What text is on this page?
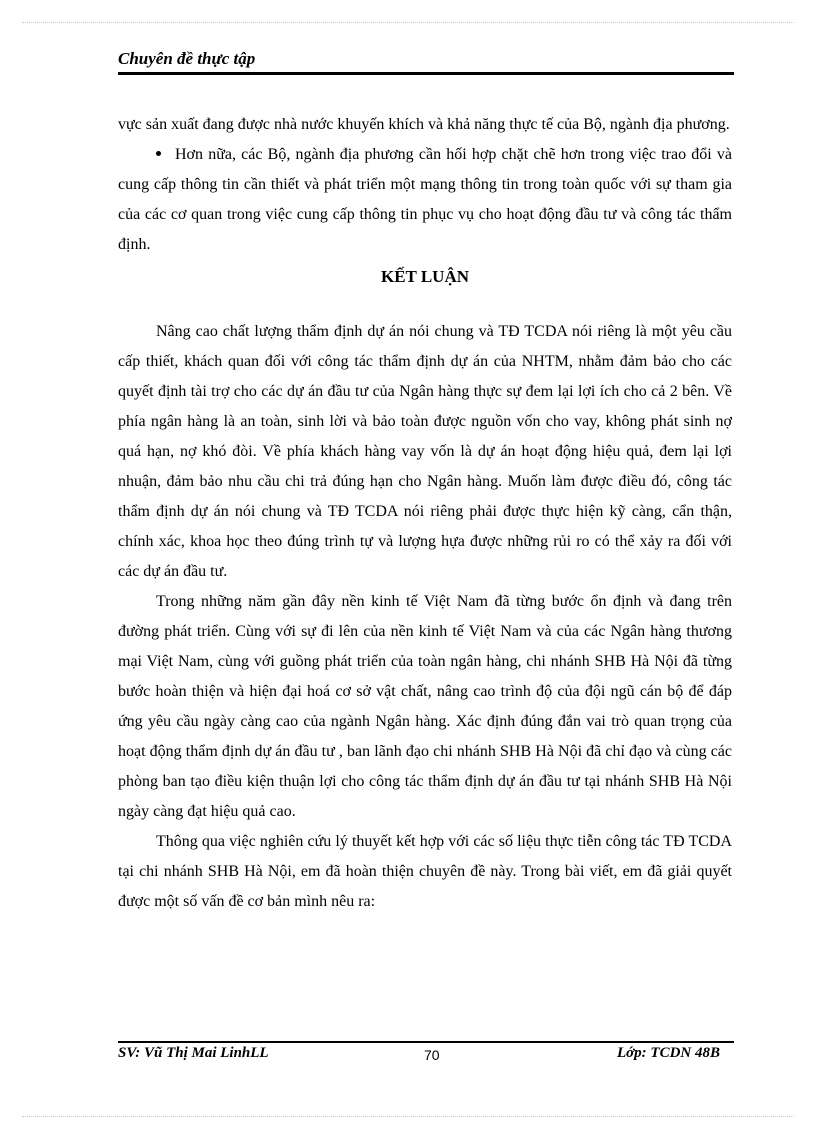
Chuyên đề thực tập

vực sản xuất đang được nhà nước khuyến khích và khả năng thực tế của Bộ, ngành địa phương.

Hơn nữa, các Bộ, ngành địa phương cần hối hợp chặt chẽ hơn trong việc trao đổi và cung cấp thông tin cần thiết và phát triển một mạng thông tin trong toàn quốc với sự tham gia của các cơ quan trong việc cung cấp thông tin phục vụ cho hoạt động đầu tư và công tác thẩm định.

KẾT LUẬN

Nâng cao chất lượng thẩm định dự án nói chung và TĐ TCDA nói riêng là một yêu cầu cấp thiết, khách quan đối với công tác thẩm định dự án của NHTM, nhằm đảm bảo cho các quyết định tài trợ cho các dự án đầu tư của Ngân hàng thực sự đem lại lợi ích cho cả 2 bên. Về phía ngân hàng là an toàn, sinh lời và bảo toàn được nguồn vốn cho vay, không phát sinh nợ quá hạn, nợ khó đòi. Về phía khách hàng vay vốn là dự án hoạt động hiệu quả, đem lại lợi nhuận, đảm bảo nhu cầu chi trả đúng hạn cho Ngân hàng. Muốn làm được điều đó, công tác thẩm định dự án nói chung và TĐ TCDA nói riêng phải được thực hiện kỹ càng, cẩn thận, chính xác, khoa học theo đúng trình tự và lượng hựa được những rủi ro có thể xảy ra đối với các dự án đầu tư.

Trong những năm gần đây nền kinh tế Việt Nam đã từng bước ổn định và đang trên đường phát triển. Cùng với sự đi lên của nền kinh tế Việt Nam và của các Ngân hàng thương mại Việt Nam, cùng với guồng phát triển của toàn ngân hàng, chi nhánh SHB Hà Nội đã từng bước hoàn thiện và hiện đại hoá cơ sở vật chất, nâng cao trình độ của đội ngũ cán bộ để đáp ứng yêu cầu ngày càng cao của ngành Ngân hàng. Xác định đúng đắn vai trò quan trọng của hoạt động thẩm định dự án đầu tư , ban lãnh đạo chi nhánh SHB Hà Nội đã chỉ đạo và cùng các phòng ban tạo điều kiện thuận lợi cho công tác thẩm định dự án đầu tư tại nhánh SHB Hà Nội ngày càng đạt hiệu quả cao.

Thông qua việc nghiên cứu lý thuyết kết hợp với các số liệu thực tiễn công tác TĐ TCDA tại chi nhánh SHB Hà Nội, em đã hoàn thiện chuyên đề này. Trong bài viết, em đã giải quyết được một số vấn đề cơ bản mình nêu ra:

SV: Vũ Thị Mai LinhLL	70	Lớp: TCDN 48B
